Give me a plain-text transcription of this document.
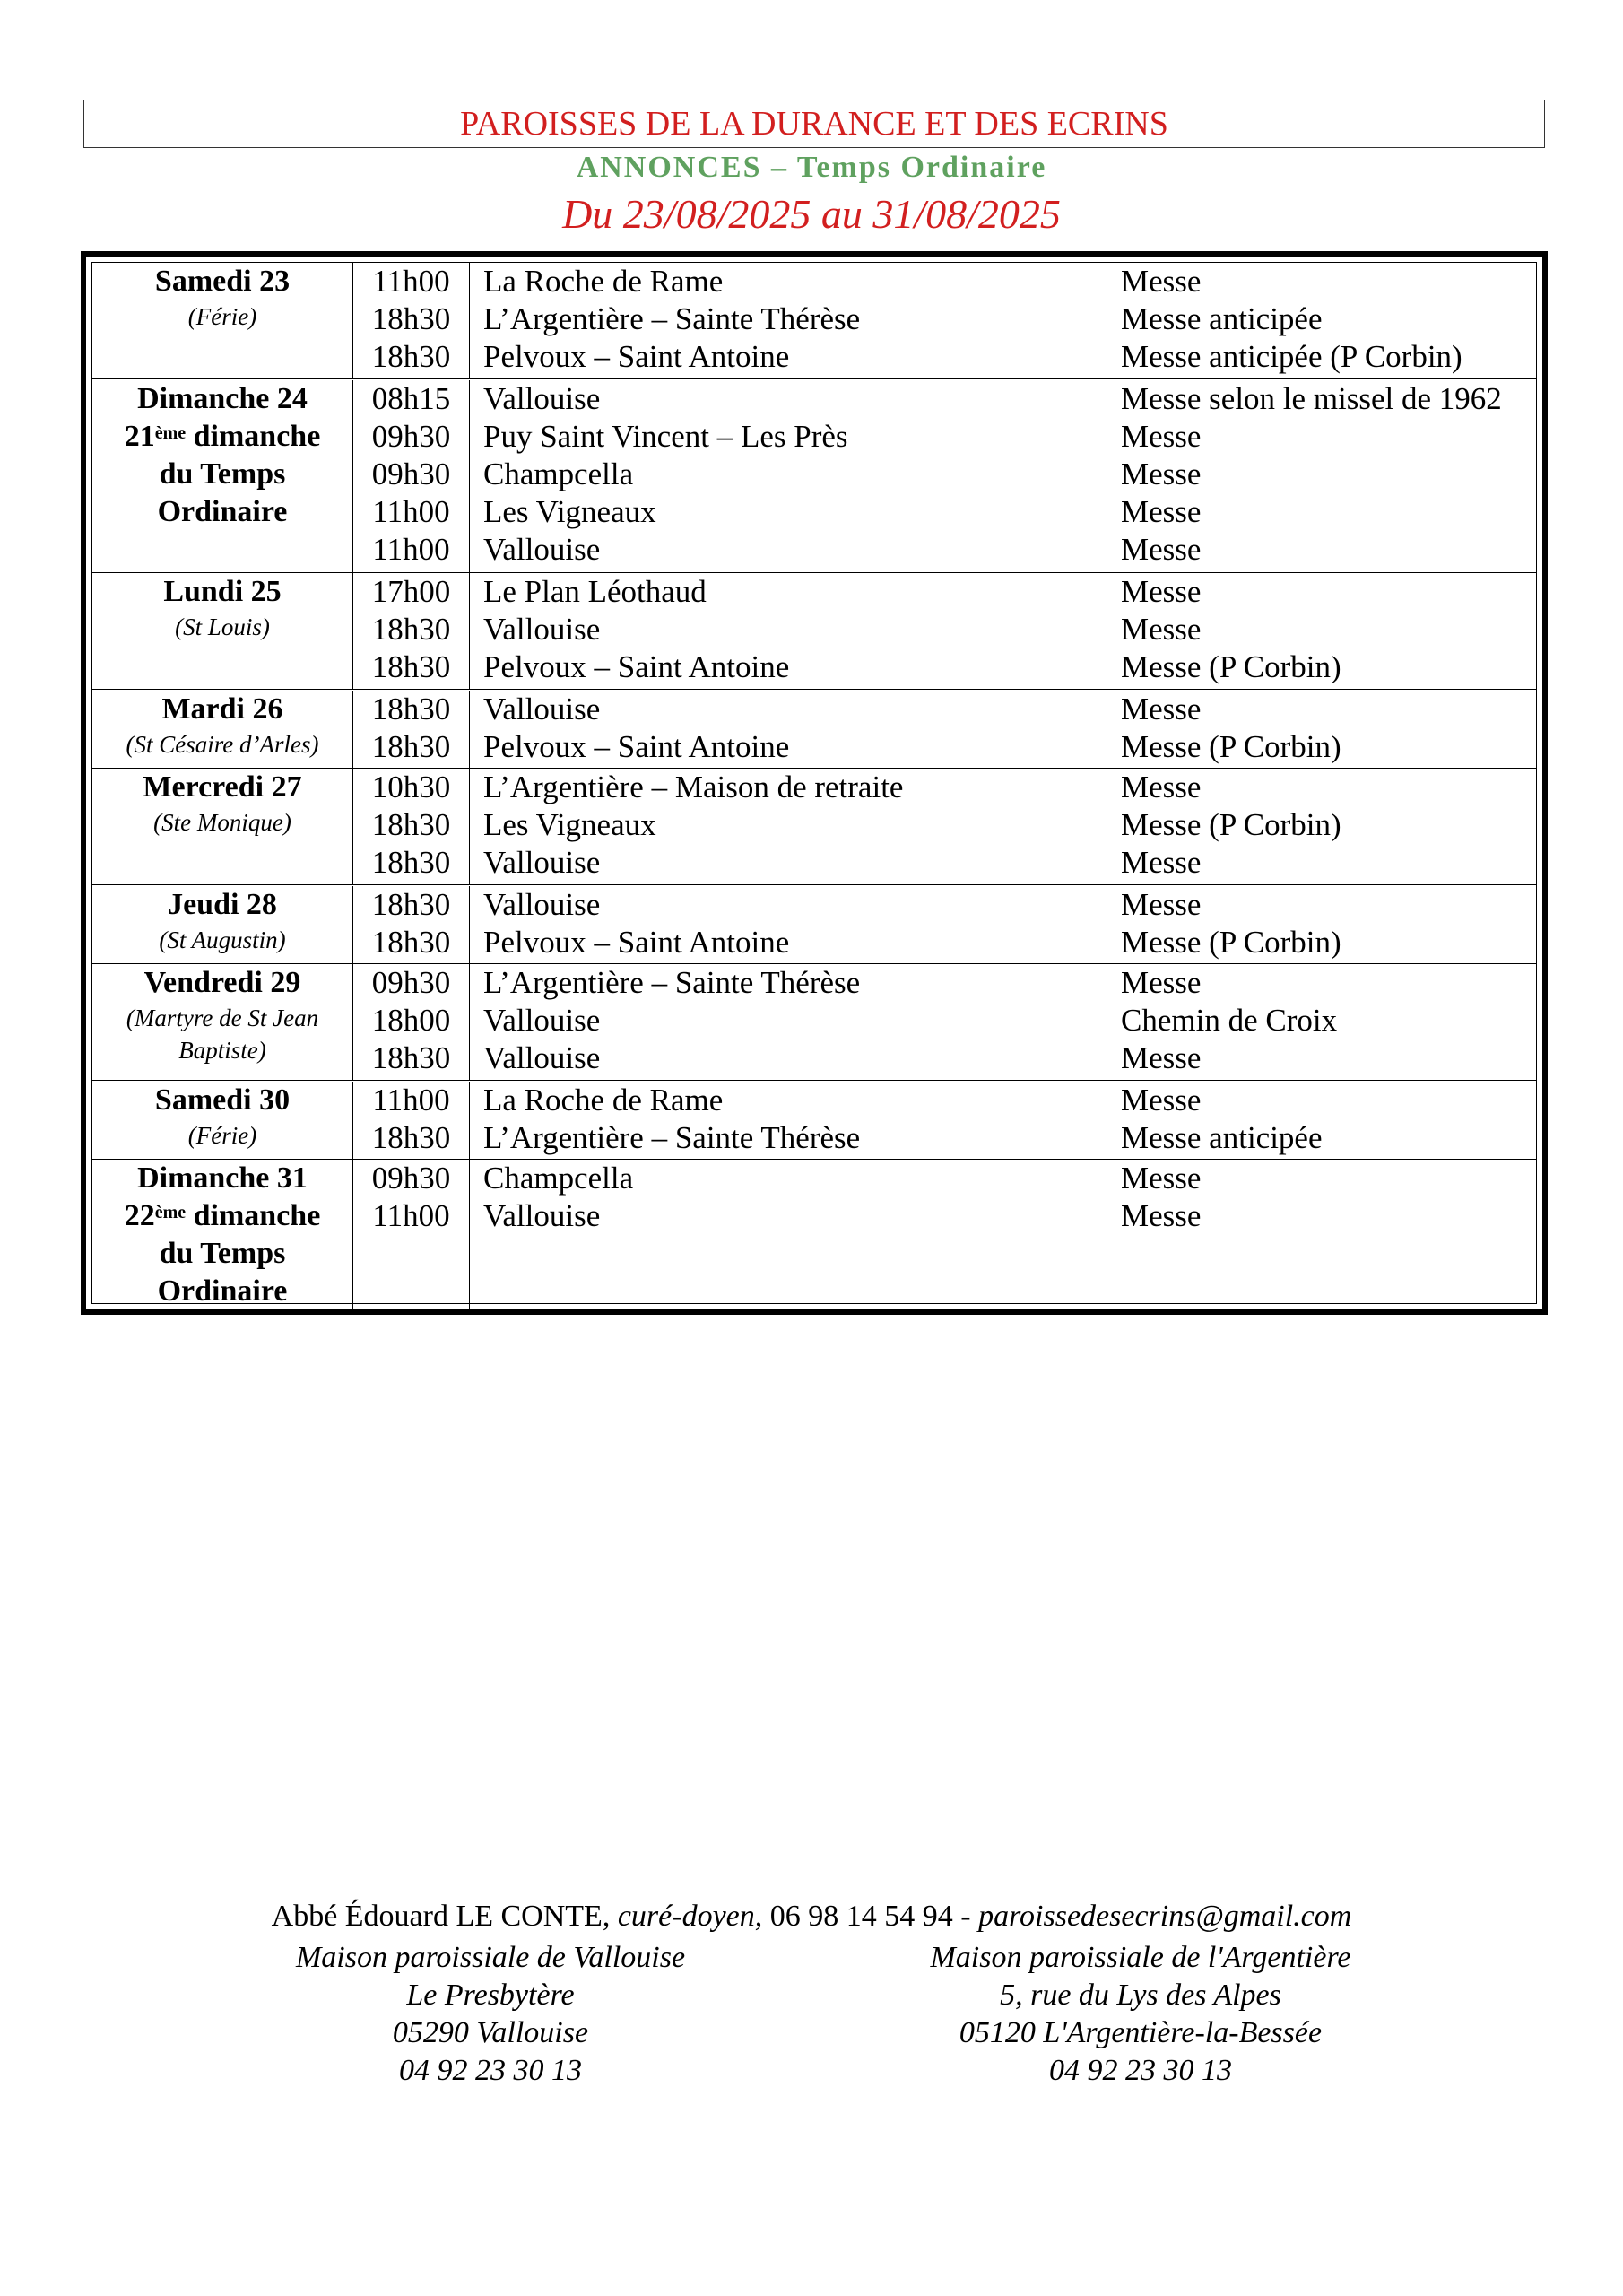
PAROISSES DE LA DURANCE ET DES ECRINS
ANNONCES – Temps Ordinaire
Du 23/08/2025 au 31/08/2025
Samedi 23
(Férie)
11h00
18h30
18h30
La Roche de Rame
L’Argentière – Sainte Thérèse
Pelvoux – Saint Antoine
Messe
Messe anticipée
Messe anticipée (P Corbin)
Dimanche 24
21ème dimanche
du Temps
Ordinaire
08h15
09h30
09h30
11h00
11h00
Vallouise
Puy Saint Vincent – Les Près
Champcella
Les Vigneaux
Vallouise
Messe selon le missel de 1962
Messe
Messe
Messe
Messe
Lundi 25
(St Louis)
17h00
18h30
18h30
Le Plan Léothaud
Vallouise
Pelvoux – Saint Antoine
Messe
Messe
Messe (P Corbin)
Mardi 26
(St Césaire d’Arles)
18h30
18h30
Vallouise
Pelvoux – Saint Antoine
Messe
Messe (P Corbin)
Mercredi 27
(Ste Monique)
10h30
18h30
18h30
L’Argentière – Maison de retraite
Les Vigneaux
Vallouise
Messe
Messe (P Corbin)
Messe
Jeudi 28
(St Augustin)
18h30
18h30
Vallouise
Pelvoux – Saint Antoine
Messe
Messe (P Corbin)
Vendredi 29
(Martyre de St Jean
Baptiste)
09h30
18h00
18h30
L’Argentière – Sainte Thérèse
Vallouise
Vallouise
Messe
Chemin de Croix
Messe
Samedi 30
(Férie)
11h00
18h30
La Roche de Rame
L’Argentière – Sainte Thérèse
Messe
Messe anticipée
Dimanche 31
22ème dimanche
du Temps
Ordinaire
09h30
11h00
Champcella
Vallouise
Messe
Messe
Abbé Édouard LE CONTE, curé-doyen, 06 98 14 54 94 - paroissedesecrins@gmail.com
Maison paroissiale de Vallouise
Le Presbytère
05290 Vallouise
04 92 23 30 13
Maison paroissiale de l'Argentière
5, rue du Lys des Alpes
05120 L'Argentière-la-Bessée
04 92 23 30 13
